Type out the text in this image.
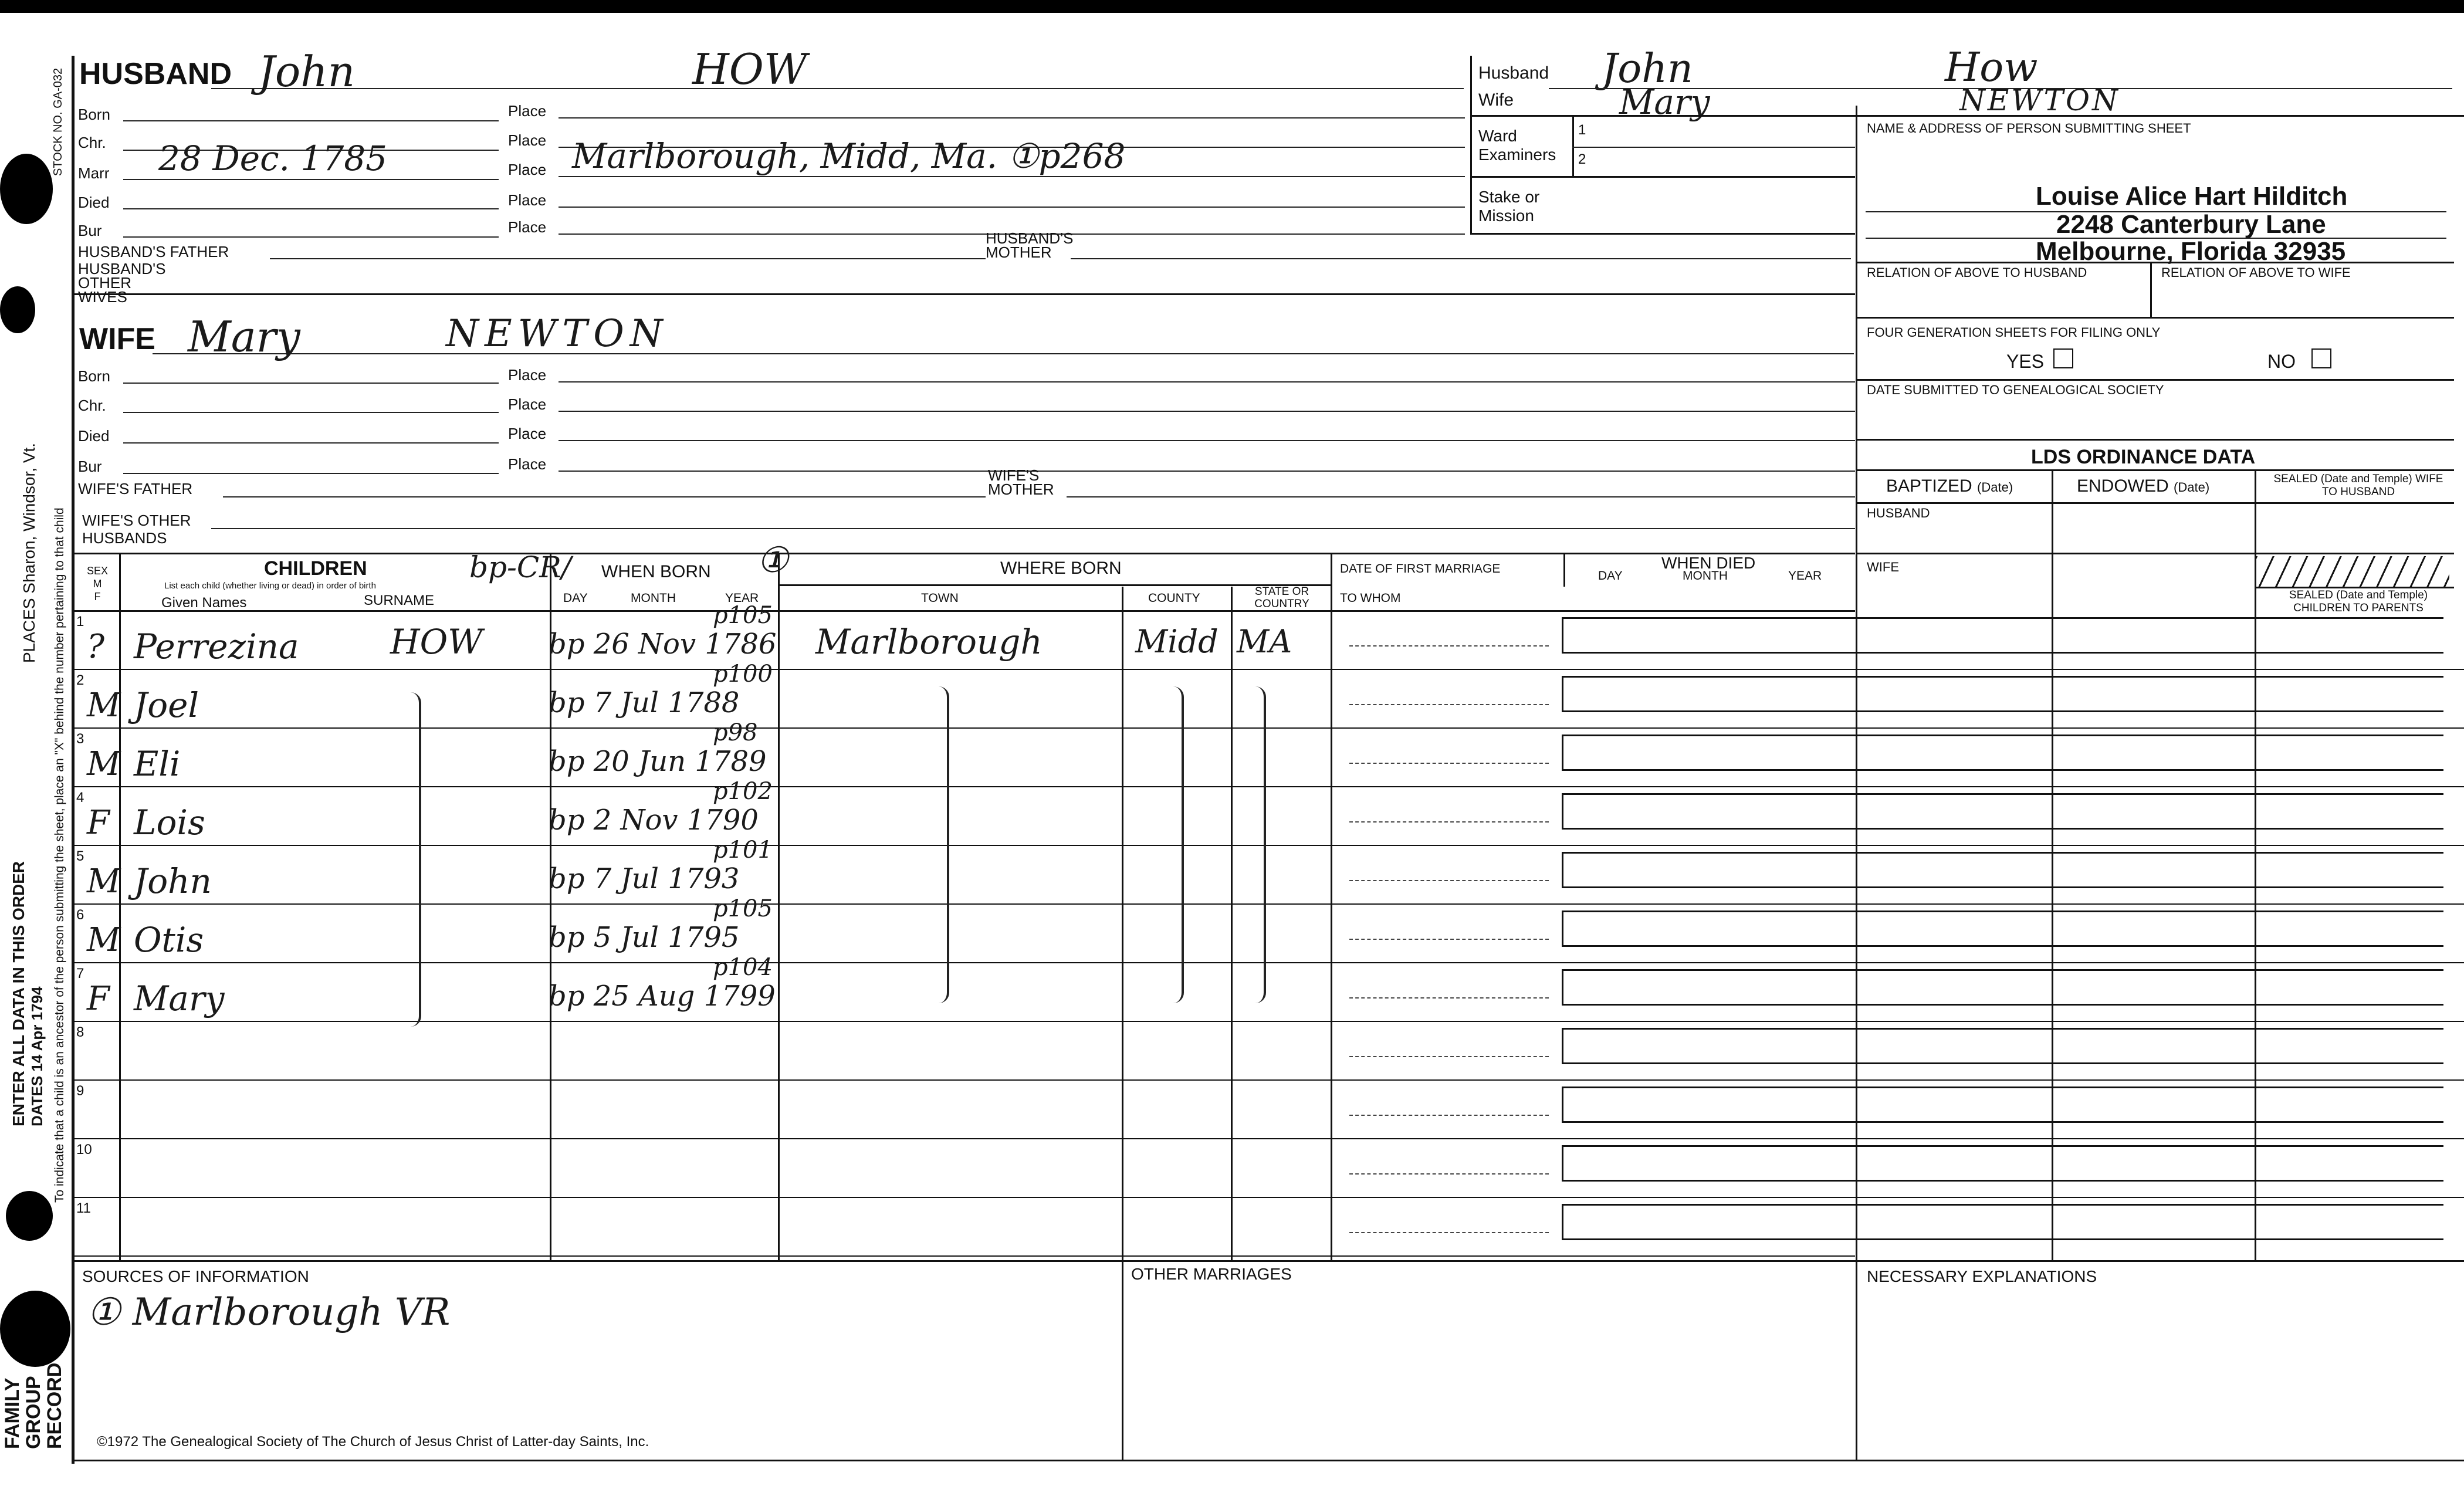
STOCK NO. GA-032
To indicate that a child is an ancestor of the person submitting the sheet, place an "X" behind the number pertaining to that child
PLACES Sharon, Windsor, Vt.
ENTER ALL DATA IN THIS ORDER DATES 14 Apr 1794
FAMILY
GROUP
RECORD
HUSBAND John	HOW
Born	Place
Chr.	Place
Marr 28 Dec. 1785	Place Marlborough, Midd, Ma. ①p268
Died	Place
Bur	Place
HUSBAND'S FATHER
HUSBAND'S MOTHER
HUSBAND'S OTHER WIVES
WIFE Mary	NEWTON
Born	Place
Chr.	Place
Died	Place
Bur	Place
WIFE'S FATHER
WIFE'S MOTHER
WIFE'S OTHER HUSBANDS
Husband John	How
Wife	Mary	NEWTON
Ward
Examiners
1
2
Stake or
Mission
NAME & ADDRESS OF PERSON SUBMITTING SHEET
Louise Alice Hart Hilditch
2248 Canterbury Lane
Melbourne, Florida 32935
RELATION OF ABOVE TO HUSBAND	RELATION OF ABOVE TO WIFE
FOUR GENERATION SHEETS FOR FILING ONLY
YES	NO
DATE SUBMITTED TO GENEALOGICAL SOCIETY
LDS ORDINANCE DATA
BAPTIZED (Date)	ENDOWED (Date)
SEALED (Date and Temple) WIFE TO HUSBAND
HUSBAND
WIFE
SEALED (Date and Temple) CHILDREN TO PARENTS
SEX
M
F
CHILDREN	bp-CR/
List each child (whether living or dead) in order of birth
Given Names	SURNAME
WHEN BORN ①
DAY	MONTH	YEAR
WHERE BORN
TOWN	COUNTY	STATE OR COUNTRY
DATE OF FIRST MARRIAGE
TO WHOM
WHEN DIED
DAY	MONTH	YEAR
1
? Perrezina	HOW bp 26 Nov 1786
p105
Marlborough	Midd MA
2
M Joel	bp 7 Jul 1788
p100
3
M Eli	bp 20 Jun 1789
p98
4
F Lois	bp 2 Nov 1790
p102
5
M John	bp 7 Jul 1793
p101
6
M Otis	bp 5 Jul 1795
p105
7
F Mary	bp 25 Aug 1799
p104
8
9
10
11
SOURCES OF INFORMATION
① Marlborough VR
OTHER MARRIAGES	NECESSARY EXPLANATIONS
©1972 The Genealogical Society of The Church of Jesus Christ of Latter-day Saints, Inc.
